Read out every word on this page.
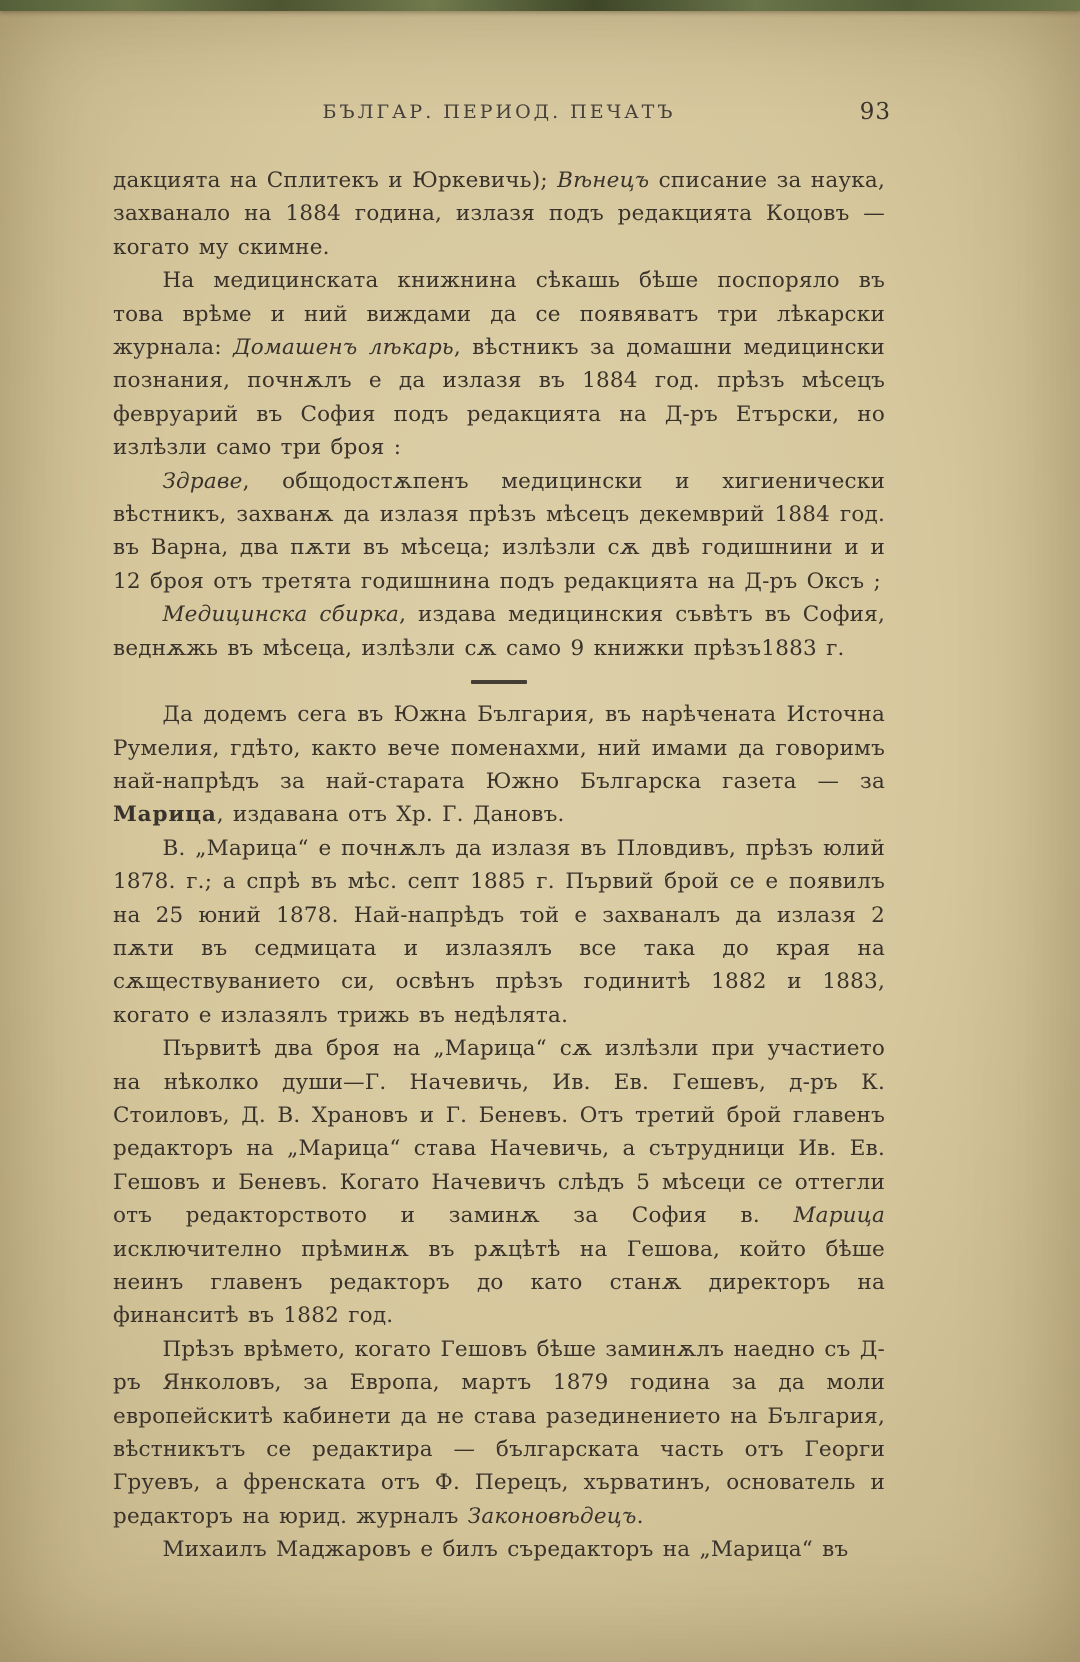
БЪЛГАР. ПЕРИОД. ПЕЧАТЪ	93

дакцията на Сплитекъ и Юркевичь); Вѣнецъ списание за наука, захванало на 1884 година, излазя подъ редакцията Коцовъ — когато му скимне.

На медицинската книжнина сѣкашь бѣше поспоряло въ това врѣме и ний виждами да се появяватъ три лѣкарски журнала: Домашенъ лѣкарь, вѣстникъ за домашни медицински познания, почнѫлъ е да излазя въ 1884 год. прѣзъ мѣсецъ февруарий въ София подъ редакцията на Д-ръ Етърски, но излѣзли само три броя :

Здраве, общодостѫпенъ медицински и хигиенически вѣстникъ, захванѫ да излазя прѣзъ мѣсецъ декемврий 1884 год. въ Варна, два пѫти въ мѣсеца; излѣзли сѫ двѣ годишнини и и 12 броя отъ третята годишнина подъ редакцията на Д-ръ Оксъ ;

Медицинска сбирка, издава медицинския съвѣтъ въ София, веднѫжь въ мѣсеца, излѣзли сѫ само 9 книжки прѣзъ1883 г.

Да додемъ сега въ Южна България, въ нарѣчената Источна Румелия, гдѣто, както вече поменахми, ний имами да говоримъ най-напрѣдъ за най-старата Южно Българска газета — за Марица, издавана отъ Хр. Г. Дановъ.

В. „Марица“ е почнѫлъ да излазя въ Пловдивъ, прѣзъ юлий 1878. г.; а спрѣ въ мѣс. септ 1885 г. Първий брой се е появилъ на 25 юний 1878. Най-напрѣдъ той е захваналъ да излазя 2 пѫти въ седмицата и излазялъ все така до края на сѫществуванието си, освѣнъ прѣзъ годинитѣ 1882 и 1883, когато е излазялъ трижь въ недѣлята.

Първитѣ два броя на „Марица“ сѫ излѣзли при участието на нѣколко души—Г. Начевичь, Ив. Ев. Гешевъ, д-ръ К. Стоиловъ, Д. В. Храновъ и Г. Беневъ. Отъ третий брой главенъ редакторъ на „Марица“ става Начевичь, а сътрудници Ив. Ев. Гешовъ и Беневъ. Когато Начевичъ слѣдъ 5 мѣсеци се оттегли отъ редакторството и заминѫ за София в. Марица исключително прѣминѫ въ рѫцѣтѣ на Гешова, който бѣше неинъ главенъ редакторъ до като станѫ директоръ на финанситѣ въ 1882 год.

Прѣзъ врѣмето, когато Гешовъ бѣше заминѫлъ наедно съ Д-ръ Янколовъ, за Европа, мартъ 1879 година за да моли европейскитѣ кабинети да не става разединението на България, вѣстникътъ се редактира — българската часть отъ Георги Груевъ, а френската отъ Ф. Перецъ, хърватинъ, основатель и редакторъ на юрид. журналъ Законовѣдецъ.

Михаилъ Маджаровъ е билъ съредакторъ на „Марица“ въ
